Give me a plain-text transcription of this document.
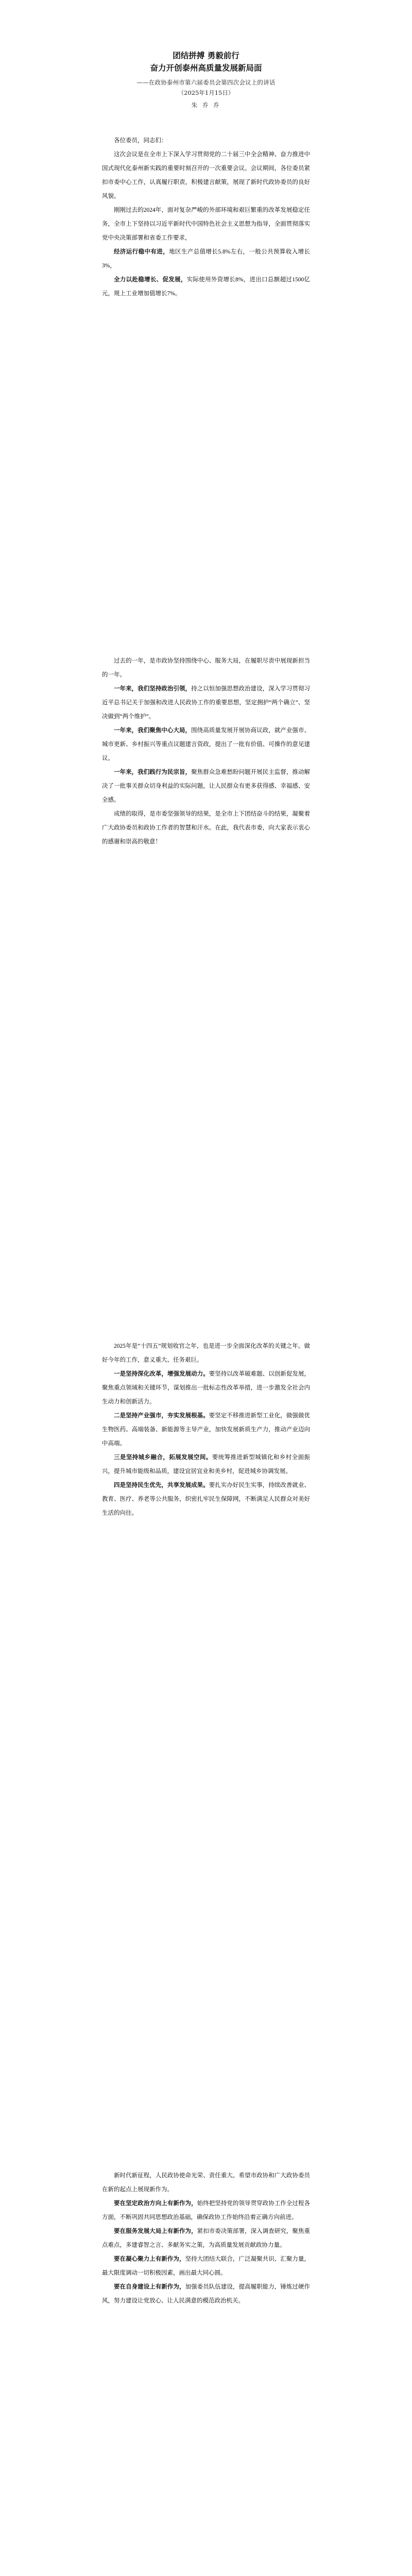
团结拼搏 勇毅前行
奋力开创泰州高质量发展新局面
——在政协泰州市第六届委员会第四次会议上的讲话
（2025年1月15日）
朱 乔 乔

各位委员，同志们：

这次会议是在全市上下深入学习贯彻党的二十届三中全会精神、奋力推进中国式现代化泰州新实践的重要时刻召开的一次重要会议。会议期间，各位委员紧扣市委中心工作，认真履行职责，积极建言献策，展现了新时代政协委员的良好风貌。

刚刚过去的2024年，面对复杂严峻的外部环境和艰巨繁重的改革发展稳定任务，全市上下坚持以习近平新时代中国特色社会主义思想为指导，全面贯彻落实党中央决策部署和省委工作要求，

经济运行稳中有进，地区生产总值增长5.8%左右，一般公共预算收入增长3%，

全力以赴稳增长、促发展，实际使用外资增长8%，进出口总额超过1500亿元，规上工业增加值增长7%。

过去的一年，是市政协坚持围绕中心、服务大局，在履职尽责中展现新担当的一年。

一年来，我们坚持政治引领，持之以恒加强思想政治建设，深入学习贯彻习近平总书记关于加强和改进人民政协工作的重要思想，坚定拥护“两个确立”、坚决做到“两个维护”。

一年来，我们聚焦中心大局，围绕高质量发展开展协商议政，就产业强市、城市更新、乡村振兴等重点议题建言资政，提出了一批有价值、可操作的意见建议。

一年来，我们践行为民宗旨，聚焦群众急难愁盼问题开展民主监督，推动解决了一批事关群众切身利益的实际问题，让人民群众有更多获得感、幸福感、安全感。

成绩的取得，是市委坚强领导的结果，是全市上下团结奋斗的结果，凝聚着广大政协委员和政协工作者的智慧和汗水。在此，我代表市委，向大家表示衷心的感谢和崇高的敬意！

2025年是“十四五”规划收官之年，也是进一步全面深化改革的关键之年。做好今年的工作，意义重大、任务艰巨。

一是坚持深化改革，增强发展动力。要坚持以改革破难题、以创新促发展，聚焦重点领域和关键环节，谋划推出一批标志性改革举措，进一步激发全社会内生动力和创新活力。

二是坚持产业强市，夯实发展根基。要坚定不移推进新型工业化，做强做优生物医药、高端装备、新能源等主导产业，加快发展新质生产力，推动产业迈向中高端。

三是坚持城乡融合，拓展发展空间。要统筹推进新型城镇化和乡村全面振兴，提升城市能级和品质，建设宜居宜业和美乡村，促进城乡协调发展。

四是坚持民生优先，共享发展成果。要扎实办好民生实事，持续改善就业、教育、医疗、养老等公共服务，织密扎牢民生保障网，不断满足人民群众对美好生活的向往。

新时代新征程，人民政协使命光荣、责任重大。希望市政协和广大政协委员在新的起点上展现新作为。

要在坚定政治方向上有新作为，始终把坚持党的领导贯穿政协工作全过程各方面，不断巩固共同思想政治基础，确保政协工作始终沿着正确方向前进。

要在服务发展大局上有新作为，紧扣市委决策部署，深入调查研究，聚焦重点难点，多建睿智之言、多献务实之策，为高质量发展贡献政协力量。

要在凝心聚力上有新作为，坚持大团结大联合，广泛凝聚共识、汇聚力量，最大限度调动一切积极因素，画出最大同心圆。

要在自身建设上有新作为，加强委员队伍建设，提高履职能力，锤炼过硬作风，努力建设让党放心、让人民满意的模范政治机关。
